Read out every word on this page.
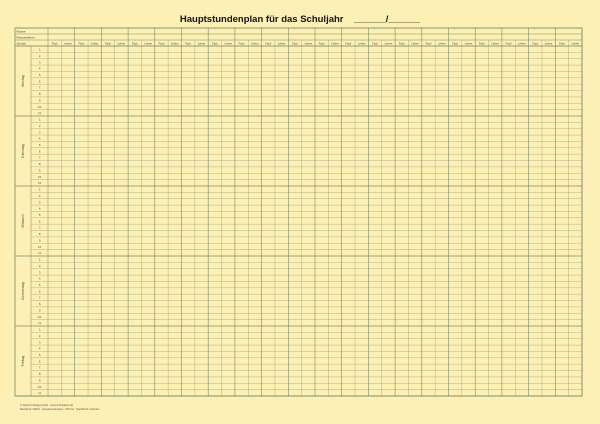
Hauptstundenplan für das Schuljahr ______/______
Klasse
Klassenlehrer
Stunde	Fach	Lehrer	Fach	Lehrer	Fach	Lehrer	Fach	Lehrer	Fach	Lehrer	Fach	Lehrer	Fach	Lehrer	Fach	Lehrer	Fach	Lehrer	Fach	Lehrer	Fach	Lehrer	Fach	Lehrer	Fach	Lehrer	Fach	Lehrer	Fach	Lehrer	Fach	Lehrer	Fach	Lehrer	Fach	Lehrer	Fach	Lehrer	Fach	Lehrer
Montag
1.
2.
3.
4.
5.
6.
7.
8.
9.
10.
11.
Dienstag
1.
2.
3.
4.
5.
6.
7.
8.
9.
10.
11.
Mittwoch
1.
2.
3.
4.
5.
6.
7.
8.
9.
10.
11.
Donnerstag
1.
2.
3.
4.
5.
6.
7.
8.
9.
10.
11.
Freitag
1.
2.
3.
4.
5.
6.
7.
8.
9.
10.
11.
© Rausch-Verlag GmbH · www.schulplaner.de
Bestell-Nr. 30010 · Hauptstundenplan · DIN A2 · Nachdruck verboten
